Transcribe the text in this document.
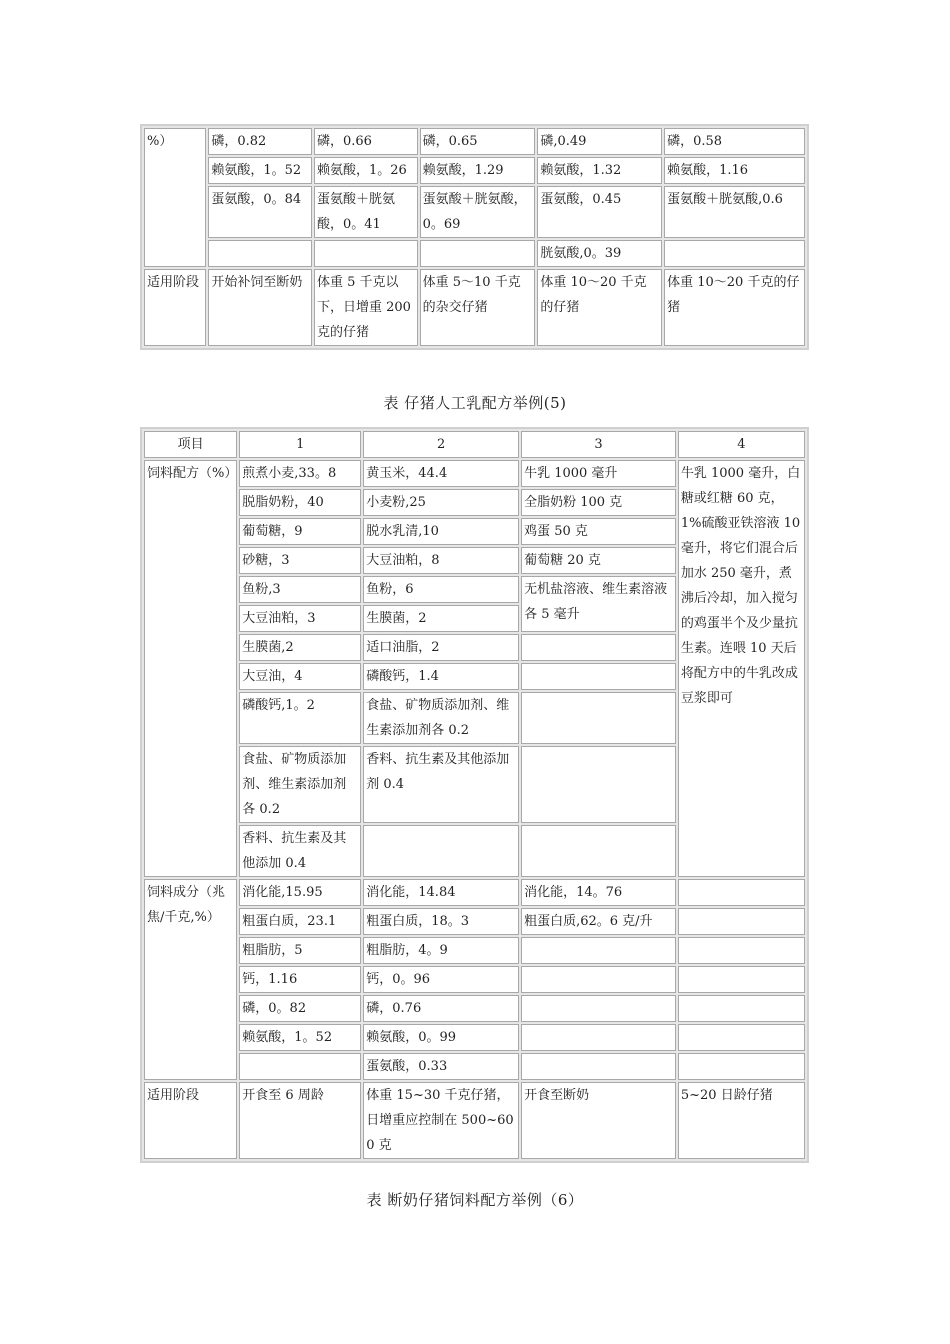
%）	磷，0.82	磷，0.66	磷，0.65	磷,0.49	磷，0.58
	赖氨酸，1。52	赖氨酸，1。26	赖氨酸，1.29	赖氨酸，1.32	赖氨酸，1.16
	蛋氨酸，0。84	蛋氨酸＋胱氨酸，0。41	蛋氨酸＋胱氨酸，0。69	蛋氨酸，0.45	蛋氨酸＋胱氨酸,0.6
				胱氨酸,0。39	
适用阶段	开始补饲至断奶	体重 5 千克以下，日增重 200 克的仔猪	体重 5～10 千克的杂交仔猪	体重 10～20 千克的仔猪	体重 10～20 千克的仔猪
表 仔猪人工乳配方举例(5)
项目	1	2	3	4
饲料配方（%）	煎煮小麦,33。8	黄玉米，44.4	牛乳 1000 毫升	牛乳 1000 毫升，白糖或红糖 60 克，1%硫酸亚铁溶液 10 毫升，将它们混合后加水 250 毫升，煮沸后冷却，加入搅匀的鸡蛋半个及少量抗生素。连喂 10 天后将配方中的牛乳改成豆浆即可
	脱脂奶粉，40	小麦粉,25	全脂奶粉 100 克	
	葡萄糖，9	脱水乳清,10	鸡蛋 50 克	
	砂糖，3	大豆油粕，8	葡萄糖 20 克	
	鱼粉,3	鱼粉，6	无机盐溶液、维生素溶液各 5 毫升	
	大豆油粕，3	生膜菌，2		
	生膜菌,2	适口油脂，2		
	大豆油，4	磷酸钙，1.4		
	磷酸钙,1。2	食盐、矿物质添加剂、维生素添加剂各 0.2		
	食盐、矿物质添加剂、维生素添加剂各 0.2	香料、抗生素及其他添加剂 0.4		
	香料、抗生素及其他添加 0.4			
饲料成分（兆焦/千克,%）	消化能,15.95	消化能，14.84	消化能，14。76	
	粗蛋白质，23.1	粗蛋白质，18。3	粗蛋白质,62。6 克/升	
	粗脂肪，5	粗脂肪，4。9		
	钙，1.16	钙，0。96		
	磷，0。82	磷，0.76		
	赖氨酸，1。52	赖氨酸，0。99		
		蛋氨酸，0.33		
适用阶段	开食至 6 周龄	体重 15~30 千克仔猪，日增重应控制在 500~600 克	开食至断奶	5~20 日龄仔猪
表 断奶仔猪饲料配方举例（6）
